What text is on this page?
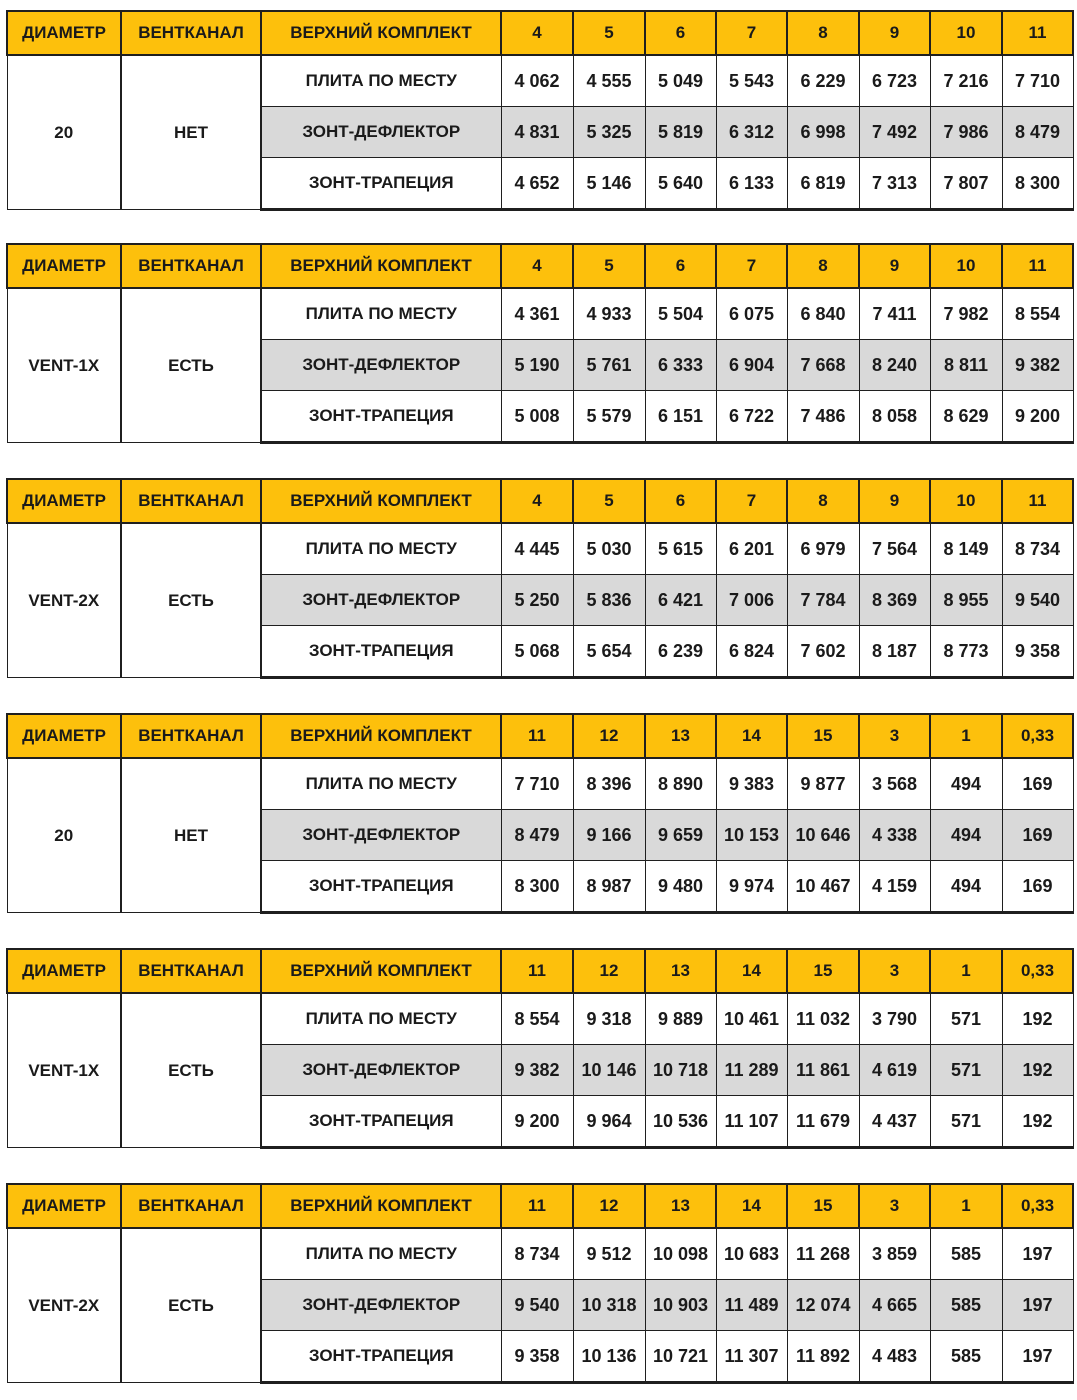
ДИАМЕТР	ВЕНТКАНАЛ	ВЕРХНИЙ КОМПЛЕКТ	4	5	6	7	8	9	10	11
20	НЕТ	ПЛИТА ПО МЕСТУ	4 062	4 555	5 049	5 543	6 229	6 723	7 216	7 710
		ЗОНТ-ДЕФЛЕКТОР	4 831	5 325	5 819	6 312	6 998	7 492	7 986	8 479
		ЗОНТ-ТРАПЕЦИЯ	4 652	5 146	5 640	6 133	6 819	7 313	7 807	8 300
ДИАМЕТР	ВЕНТКАНАЛ	ВЕРХНИЙ КОМПЛЕКТ	4	5	6	7	8	9	10	11
VENT-1X	ЕСТЬ	ПЛИТА ПО МЕСТУ	4 361	4 933	5 504	6 075	6 840	7 411	7 982	8 554
		ЗОНТ-ДЕФЛЕКТОР	5 190	5 761	6 333	6 904	7 668	8 240	8 811	9 382
		ЗОНТ-ТРАПЕЦИЯ	5 008	5 579	6 151	6 722	7 486	8 058	8 629	9 200
ДИАМЕТР	ВЕНТКАНАЛ	ВЕРХНИЙ КОМПЛЕКТ	4	5	6	7	8	9	10	11
VENT-2X	ЕСТЬ	ПЛИТА ПО МЕСТУ	4 445	5 030	5 615	6 201	6 979	7 564	8 149	8 734
		ЗОНТ-ДЕФЛЕКТОР	5 250	5 836	6 421	7 006	7 784	8 369	8 955	9 540
		ЗОНТ-ТРАПЕЦИЯ	5 068	5 654	6 239	6 824	7 602	8 187	8 773	9 358
ДИАМЕТР	ВЕНТКАНАЛ	ВЕРХНИЙ КОМПЛЕКТ	11	12	13	14	15	3	1	0,33
20	НЕТ	ПЛИТА ПО МЕСТУ	7 710	8 396	8 890	9 383	9 877	3 568	494	169
		ЗОНТ-ДЕФЛЕКТОР	8 479	9 166	9 659	10 153	10 646	4 338	494	169
		ЗОНТ-ТРАПЕЦИЯ	8 300	8 987	9 480	9 974	10 467	4 159	494	169
ДИАМЕТР	ВЕНТКАНАЛ	ВЕРХНИЙ КОМПЛЕКТ	11	12	13	14	15	3	1	0,33
VENT-1X	ЕСТЬ	ПЛИТА ПО МЕСТУ	8 554	9 318	9 889	10 461	11 032	3 790	571	192
		ЗОНТ-ДЕФЛЕКТОР	9 382	10 146	10 718	11 289	11 861	4 619	571	192
		ЗОНТ-ТРАПЕЦИЯ	9 200	9 964	10 536	11 107	11 679	4 437	571	192
ДИАМЕТР	ВЕНТКАНАЛ	ВЕРХНИЙ КОМПЛЕКТ	11	12	13	14	15	3	1	0,33
VENT-2X	ЕСТЬ	ПЛИТА ПО МЕСТУ	8 734	9 512	10 098	10 683	11 268	3 859	585	197
		ЗОНТ-ДЕФЛЕКТОР	9 540	10 318	10 903	11 489	12 074	4 665	585	197
		ЗОНТ-ТРАПЕЦИЯ	9 358	10 136	10 721	11 307	11 892	4 483	585	197
